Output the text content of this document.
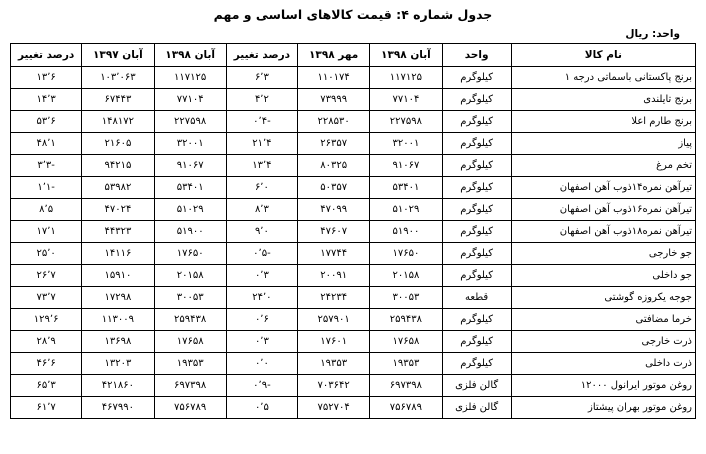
جدول شماره ۴: قیمت کالاهای اساسی و مهم
واحد: ریال
نام کالا	واحد	آبان ۱۳۹۸	مهر ۱۳۹۸	درصد تغییر	آبان ۱۳۹۸	آبان ۱۳۹۷	درصد تغییر
برنج پاکستانی باسماتی درجه ۱	کیلوگرم	۱۱۷۱۲۵	۱۱۰۱۷۴	۶٬۳	۱۱۷۱۲۵	۱۰۳٬۰۶۳	۱۳٬۶
برنج تایلندی	کیلوگرم	۷۷۱۰۴	۷۳۹۹۹	۴٬۲	۷۷۱۰۴	۶۷۴۴۳	۱۴٬۳
برنج طارم اعلا	کیلوگرم	۲۲۷۵۹۸	۲۲۸۵۳۰	-۰٬۴	۲۲۷۵۹۸	۱۴۸۱۷۲	۵۳٬۶
پیاز	کیلوگرم	۳۲۰۰۱	۲۶۳۵۷	۲۱٬۴	۳۲۰۰۱	۲۱۶۰۵	۴۸٬۱
تخم مرغ	کیلوگرم	۹۱۰۶۷	۸۰۳۲۵	۱۳٬۴	۹۱۰۶۷	۹۴۲۱۵	-۳٬۳
تیرآهن نمره۱۴ذوب آهن اصفهان	کیلوگرم	۵۳۴۰۱	۵۰۳۵۷	۶٬۰	۵۳۴۰۱	۵۳۹۸۲	-۱٬۱
تیرآهن نمره۱۶ذوب آهن اصفهان	کیلوگرم	۵۱۰۲۹	۴۷۰۹۹	۸٬۳	۵۱۰۲۹	۴۷۰۲۴	۸٬۵
تیرآهن نمره۱۸ذوب آهن اصفهان	کیلوگرم	۵۱۹۰۰	۴۷۶۰۷	۹٬۰	۵۱۹۰۰	۴۴۳۲۳	۱۷٬۱
جو خارجی	کیلوگرم	۱۷۶۵۰	۱۷۷۴۴	-۰٬۵	۱۷۶۵۰	۱۴۱۱۶	۲۵٬۰
جو داخلی	کیلوگرم	۲۰۱۵۸	۲۰۰۹۱	۰٬۳	۲۰۱۵۸	۱۵۹۱۰	۲۶٬۷
جوجه یکروزه گوشتی	قطعه	۳۰۰۵۳	۲۴۲۳۴	۲۴٬۰	۳۰۰۵۳	۱۷۲۹۸	۷۳٬۷
خرما مضافتی	کیلوگرم	۲۵۹۴۳۸	۲۵۷۹۰۱	۰٬۶	۲۵۹۴۳۸	۱۱۳۰۰۹	۱۲۹٬۶
ذرت خارجی	کیلوگرم	۱۷۶۵۸	۱۷۶۰۱	۰٬۳	۱۷۶۵۸	۱۳۶۹۸	۲۸٬۹
ذرت داخلی	کیلوگرم	۱۹۳۵۳	۱۹۳۵۳	۰٬۰	۱۹۳۵۳	۱۳۲۰۳	۴۶٬۶
روغن موتور ایرانول ۱۲۰۰۰	گالن فلزی	۶۹۷۳۹۸	۷۰۳۶۴۲	-۰٬۹	۶۹۷۳۹۸	۴۲۱۸۶۰	۶۵٬۳
روغن موتور بهران پیشتاز	گالن فلزی	۷۵۶۷۸۹	۷۵۲۷۰۴	۰٬۵	۷۵۶۷۸۹	۴۶۷۹۹۰	۶۱٬۷
